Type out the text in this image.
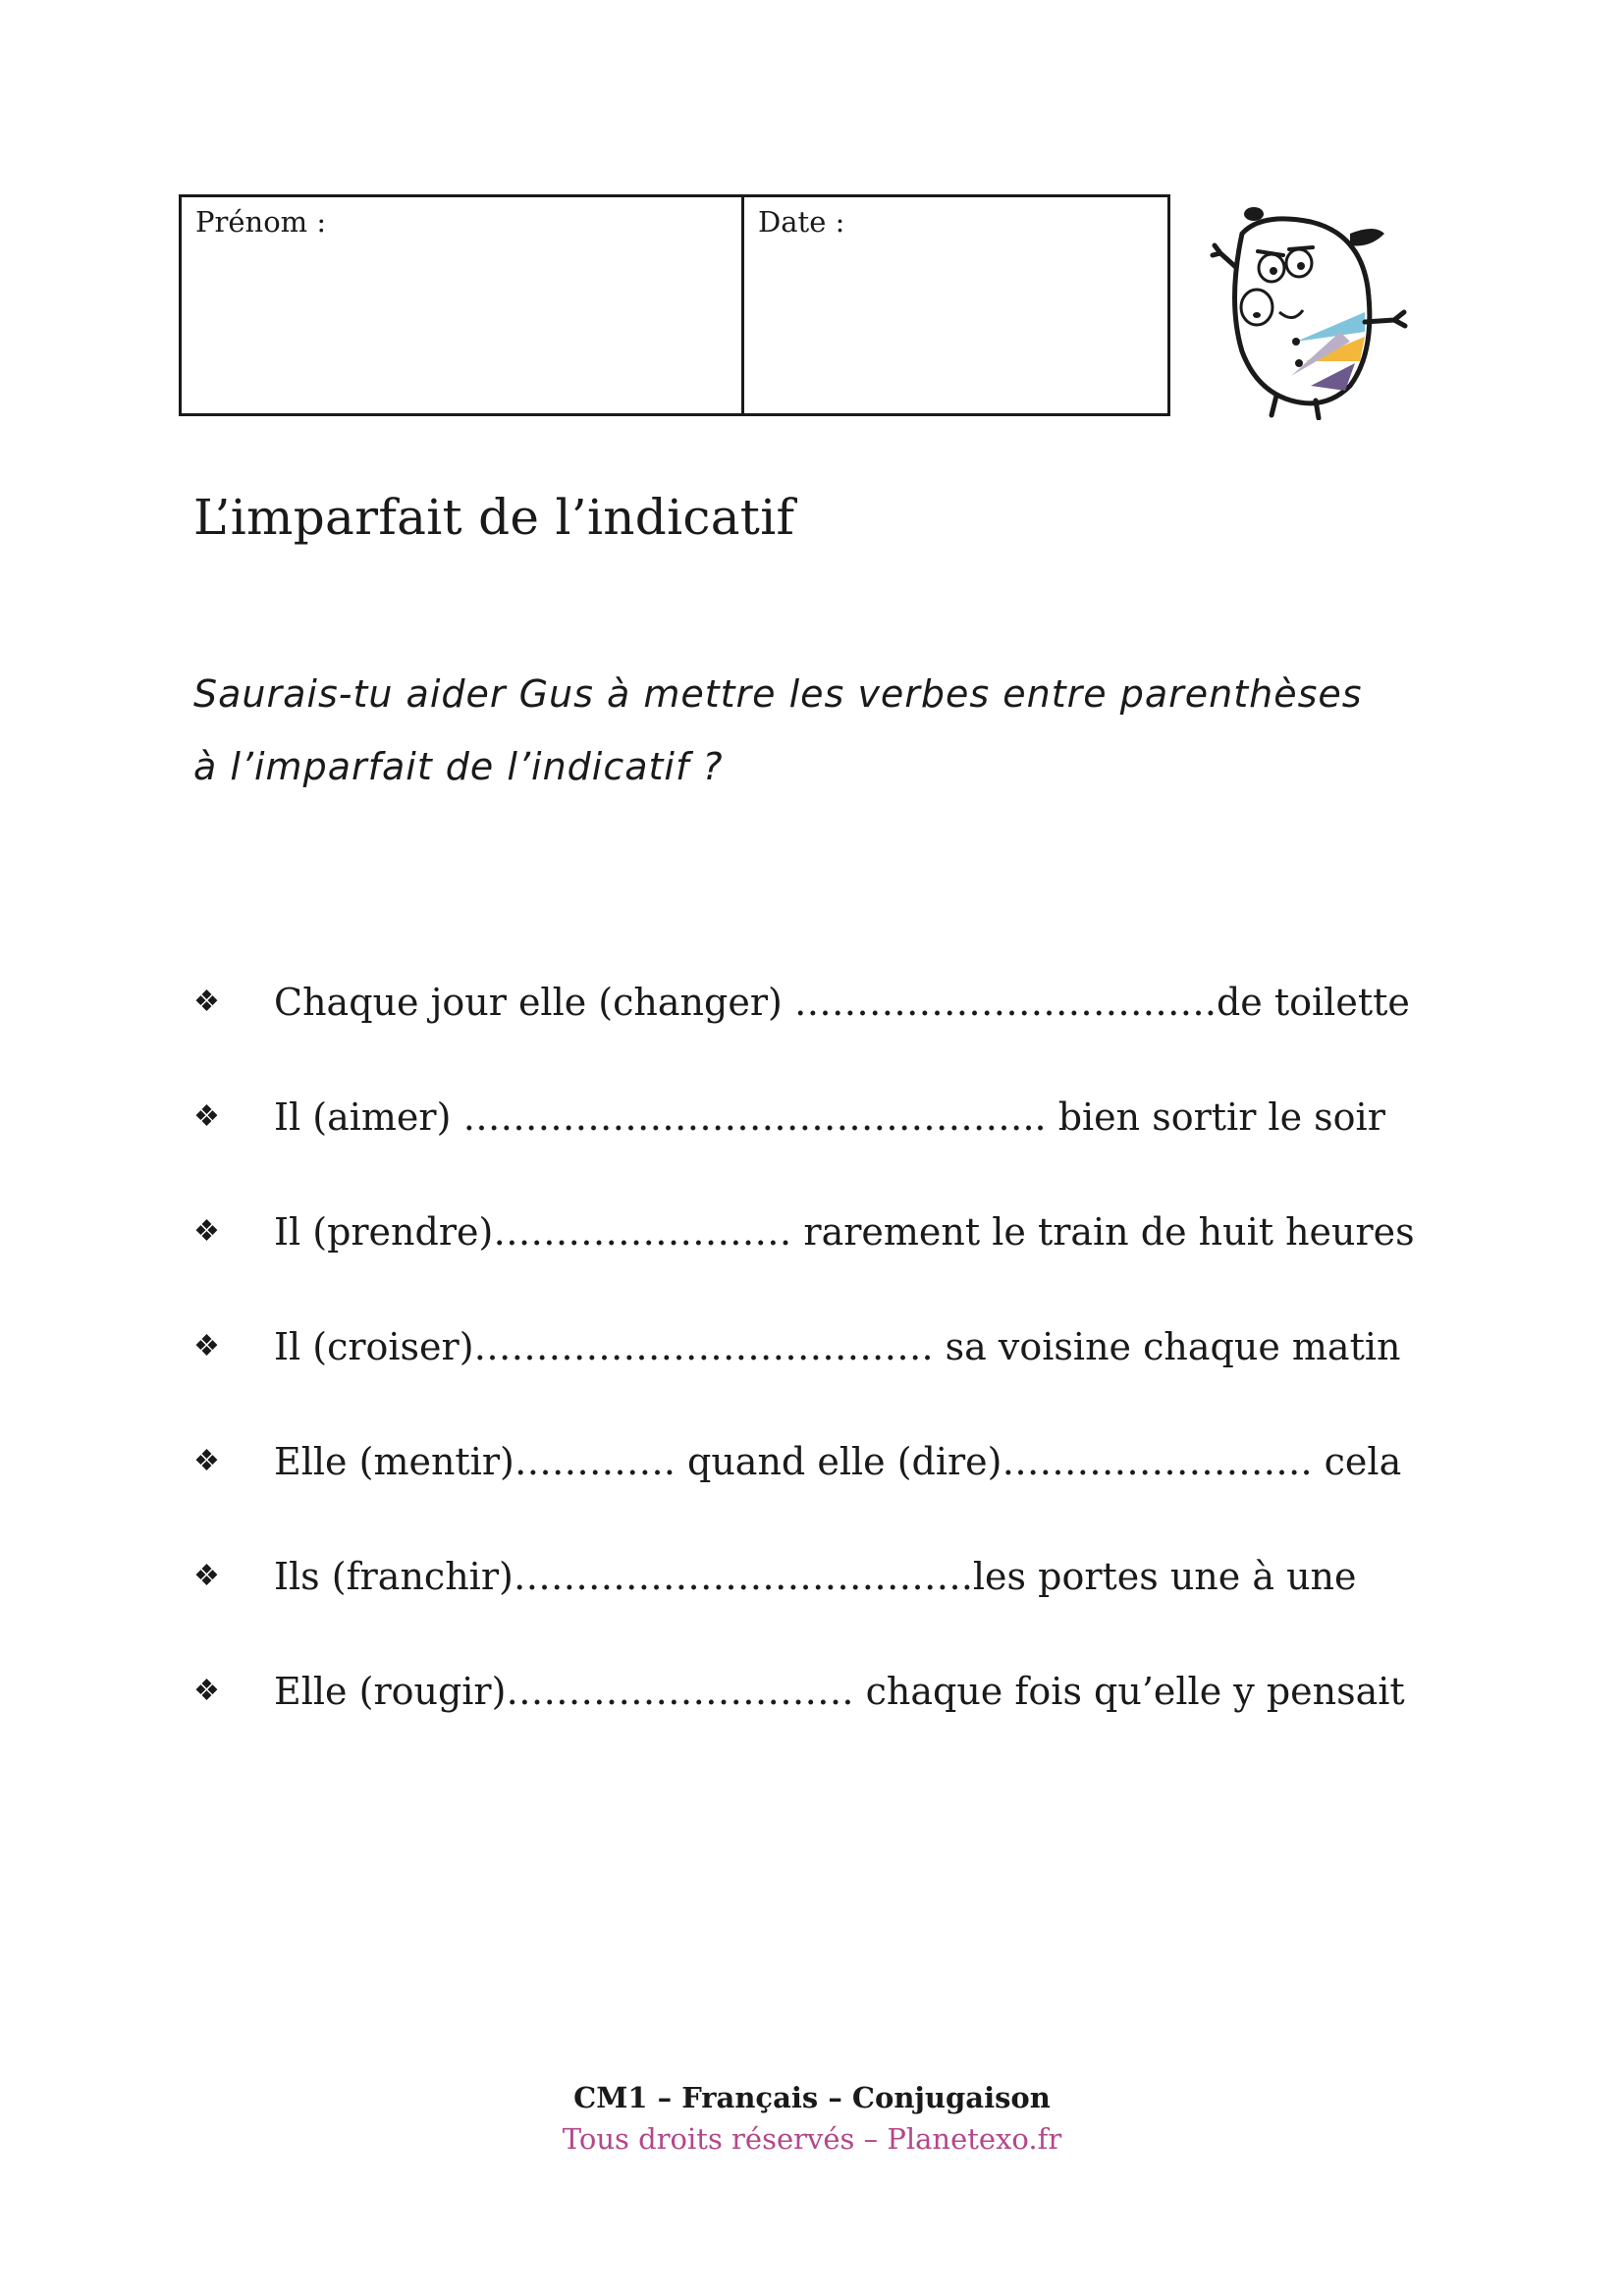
Prénom :	Date :
L’imparfait de l’indicatif

Saurais-tu aider Gus à mettre les verbes entre parenthèses
à l’imparfait de l’indicatif ?

❖	Chaque jour elle (changer) …………………………….de toilette
❖	Il (aimer) ……………………………………….. bien sortir le soir
❖	Il (prendre)…………………… rarement le train de huit heures
❖	Il (croiser)………………………………. sa voisine chaque matin
❖	Elle (mentir)…………. quand elle (dire)……………………. cela
❖	Ils (franchir)……………………………….les portes une à une
❖	Elle (rougir)………………………. chaque fois qu’elle y pensait
CM1 – Français – Conjugaison
Tous droits réservés – Planetexo.fr
